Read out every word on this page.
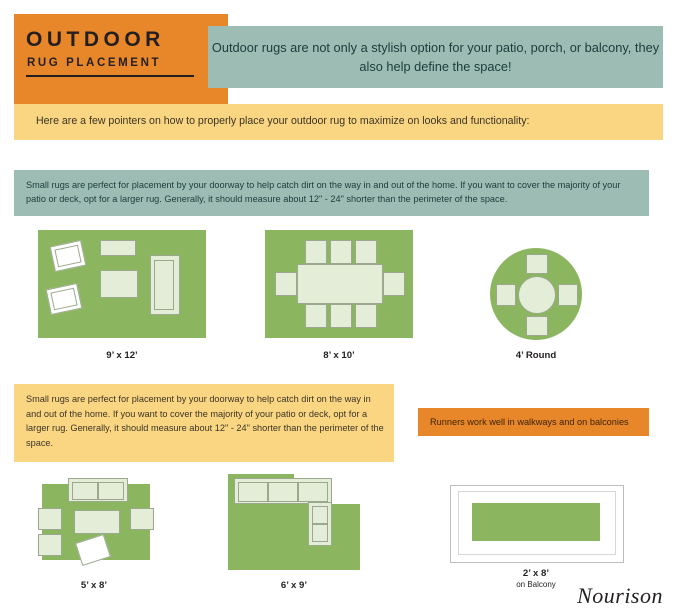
OUTDOOR
RUG PLACEMENT
Outdoor rugs are not only a stylish option for your patio, porch, or balcony, they also help define the space!
Here are a few pointers on how to properly place your outdoor rug to maximize on looks and functionality:
Small rugs are perfect for placement by your doorway to help catch dirt on the way in and out of the home. If you want to cover the majority of your patio or deck, opt for a larger rug. Generally, it should measure about 12" - 24" shorter than the perimeter of the space.
9’ x 12’	8’ x 10’	4’ Round
Small rugs are perfect for placement by your doorway to help catch dirt on the way in and out of the home. If you want to cover the majority of your patio or deck, opt for a larger rug. Generally, it should measure about 12" - 24" shorter than the perimeter of the space.
Runners work well in walkways and on balconies
5’ x 8’	6’ x 9’
2’ x 8’
on Balcony Nourison
